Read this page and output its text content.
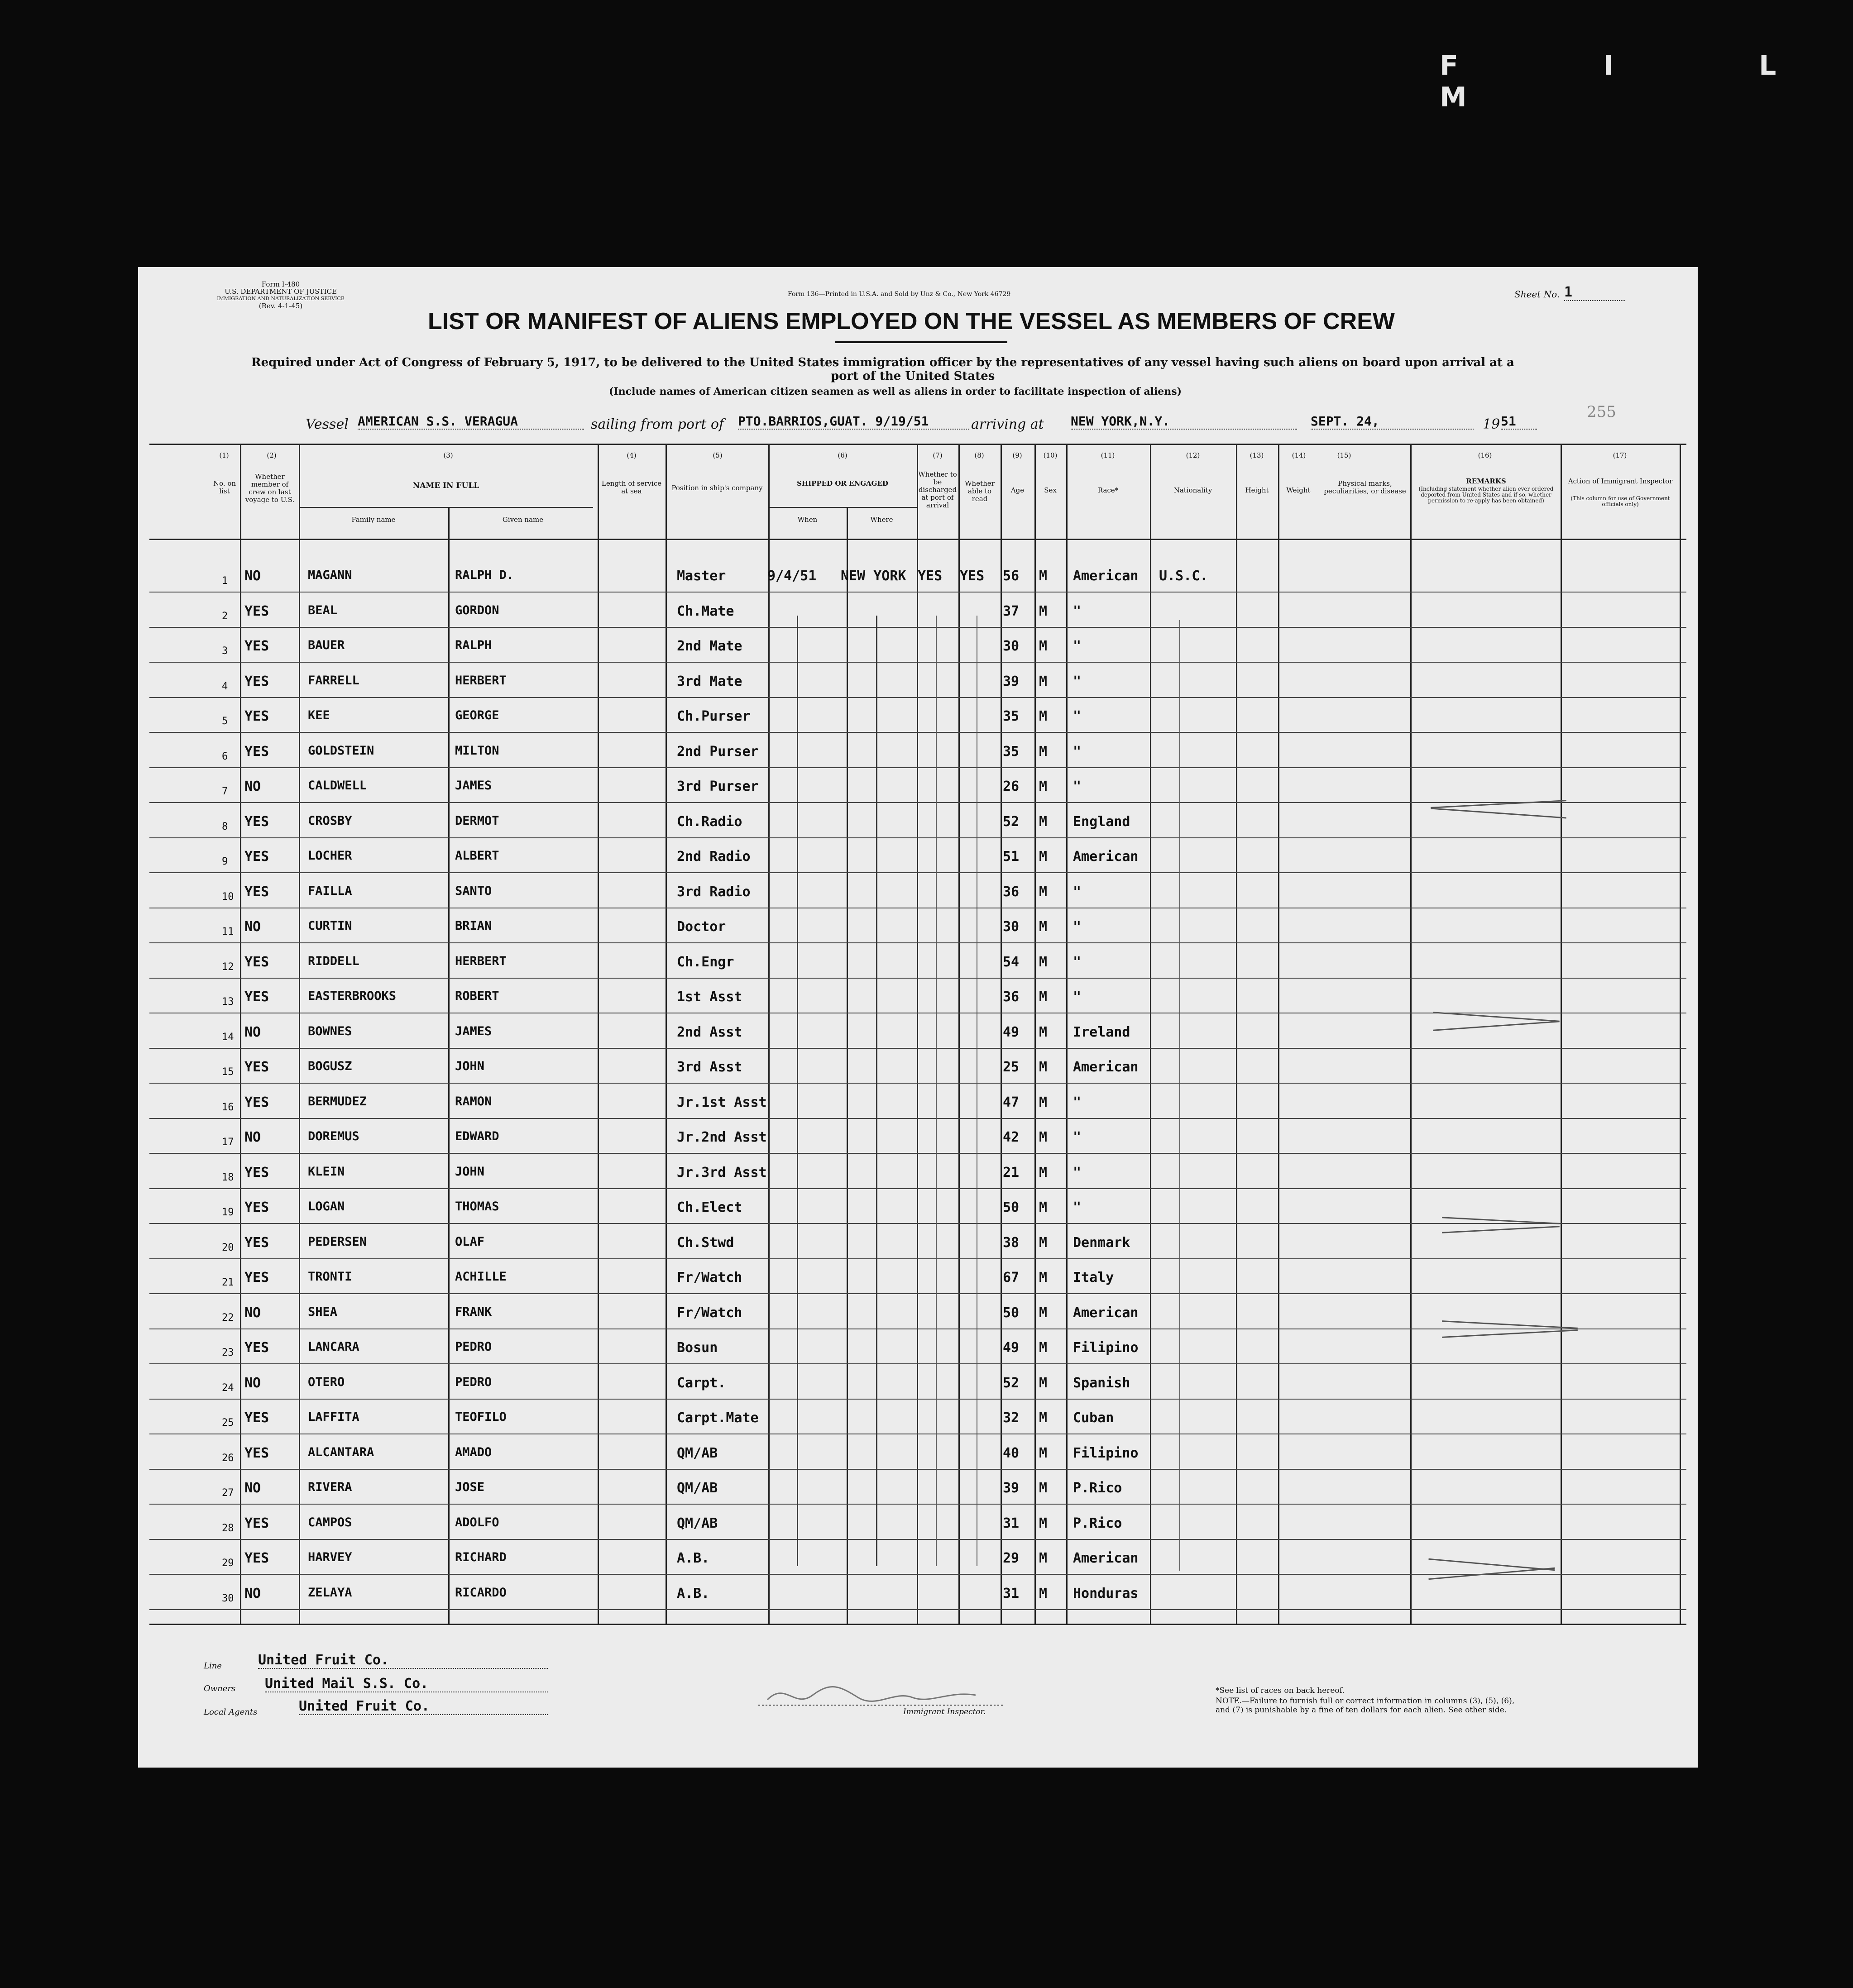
F I L M
Form I-480
U.S. DEPARTMENT OF JUSTICE
IMMIGRATION AND NATURALIZATION SERVICE
(Rev. 4-1-45)
Form 136—Printed in U.S.A. and Sold by Unz & Co., New York 46729	Sheet No. 1
LIST OR MANIFEST OF ALIENS EMPLOYED ON THE VESSEL AS MEMBERS OF CREW
Required under Act of Congress of February 5, 1917, to be delivered to the United States immigration officer by the representatives of any vessel having such aliens on board upon arrival at a
port of the United States
(Include names of American citizen seamen as well as aliens in order to facilitate inspection of aliens)
Vessel AMERICAN S.S. VERAGUA	sailing from port of PTO.BARRIOS,GUAT. 9/19/51	arriving at NEW YORK,N.Y.	SEPT. 24,	19 51
255
(1)	(2)	(3)	(4)	(5)	(6)	(7)	(8)	(9)	(10)	(11)	(12)	(13)	(14)	(15)	(16)	(17)
No. on list
Whether member of crew on last voyage to U.S.
NAME IN FULL
Family name	Given name
Length of service at sea	Position in ship's company
SHIPPED OR ENGAGED
When	Where
Whether to be discharged at port of arrival
Whether able to read
Age	Sex	Race*	Nationality	Height	Weight
Physical marks, peculiarities, or disease
REMARKS
(Including statement whether alien ever ordered deported from United States and if so, whether permission to re-apply has been obtained)
Action of Immigrant Inspector
(This column for use of Government officials only)
1 NO	MAGANN	RALPH D.	Master	9/4/51 NEW YORK YES YES 56 M American U.S.C.
2 YES	BEAL	GORDON	Ch.Mate	37 M "
3 YES	BAUER	RALPH	2nd Mate	30 M "
4 YES	FARRELL	HERBERT	3rd Mate	39 M "
5 YES	KEE	GEORGE	Ch.Purser	35 M "
6 YES	GOLDSTEIN	MILTON	2nd Purser	35 M "
7 NO	CALDWELL	JAMES	3rd Purser	26 M "
8 YES	CROSBY	DERMOT	Ch.Radio	52 M England
9 YES	LOCHER	ALBERT	2nd Radio	51 M American
10 YES	FAILLA	SANTO	3rd Radio	36 M "
11 NO	CURTIN	BRIAN	Doctor	30 M "
12 YES	RIDDELL	HERBERT	Ch.Engr	54 M "
13 YES	EASTERBROOKS	ROBERT	1st Asst	36 M "
14 NO	BOWNES	JAMES	2nd Asst	49 M Ireland
15 YES	BOGUSZ	JOHN	3rd Asst	25 M American
16 YES	BERMUDEZ	RAMON	Jr.1st Asst	47 M "
17 NO	DOREMUS	EDWARD	Jr.2nd Asst	42 M "
18 YES	KLEIN	JOHN	Jr.3rd Asst	21 M "
19 YES	LOGAN	THOMAS	Ch.Elect	50 M "
20 YES	PEDERSEN	OLAF	Ch.Stwd	38 M Denmark
21 YES	TRONTI	ACHILLE	Fr/Watch	67 M Italy
22 NO	SHEA	FRANK	Fr/Watch	50 M American
23 YES	LANCARA	PEDRO	Bosun	49 M Filipino
24 NO	OTERO	PEDRO	Carpt.	52 M Spanish
25 YES	LAFFITA	TEOFILO	Carpt.Mate	32 M Cuban
26 YES	ALCANTARA	AMADO	QM/AB	40 M Filipino
27 NO	RIVERA	JOSE	QM/AB	39 M P.Rico
28 YES	CAMPOS	ADOLFO	QM/AB	31 M P.Rico
29 YES	HARVEY	RICHARD	A.B.	29 M American
30 NO	ZELAYA	RICARDO	A.B.	31 M Honduras
Line	United Fruit Co.
Owners United Mail S.S. Co.
Local Agents	United Fruit Co.	Immigrant Inspector.
*See list of races on back hereof.
NOTE.—Failure to furnish full or correct information in columns (3), (5), (6), and (7) is punishable by a fine of ten dollars for each alien. See other side.
